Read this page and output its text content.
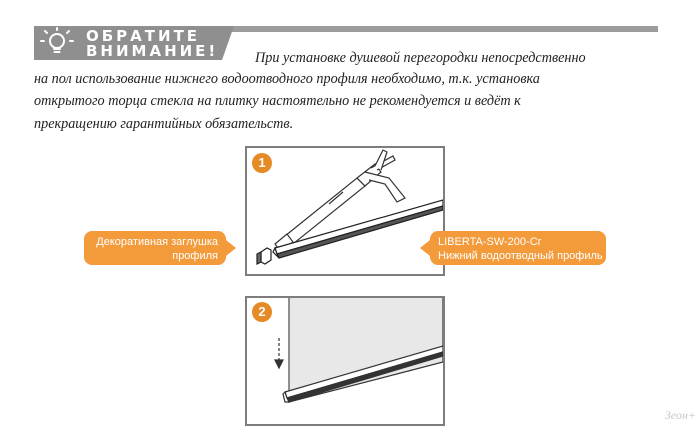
ОБРАТИТЕ
ВНИМАНИЕ!	При установке душевой перегородки непосредственно
на пол использование нижнего водоотводного профиля необходимо, т.к. установка
открытого торца стекла на плитку настоятельно не рекомендуется и ведёт к
прекращению гарантийных обязательств.
1
Декоративная заглушка
профиля
LIBERTA-SW-200-Cr
Нижний водоотводный профиль
2
Зеон+
